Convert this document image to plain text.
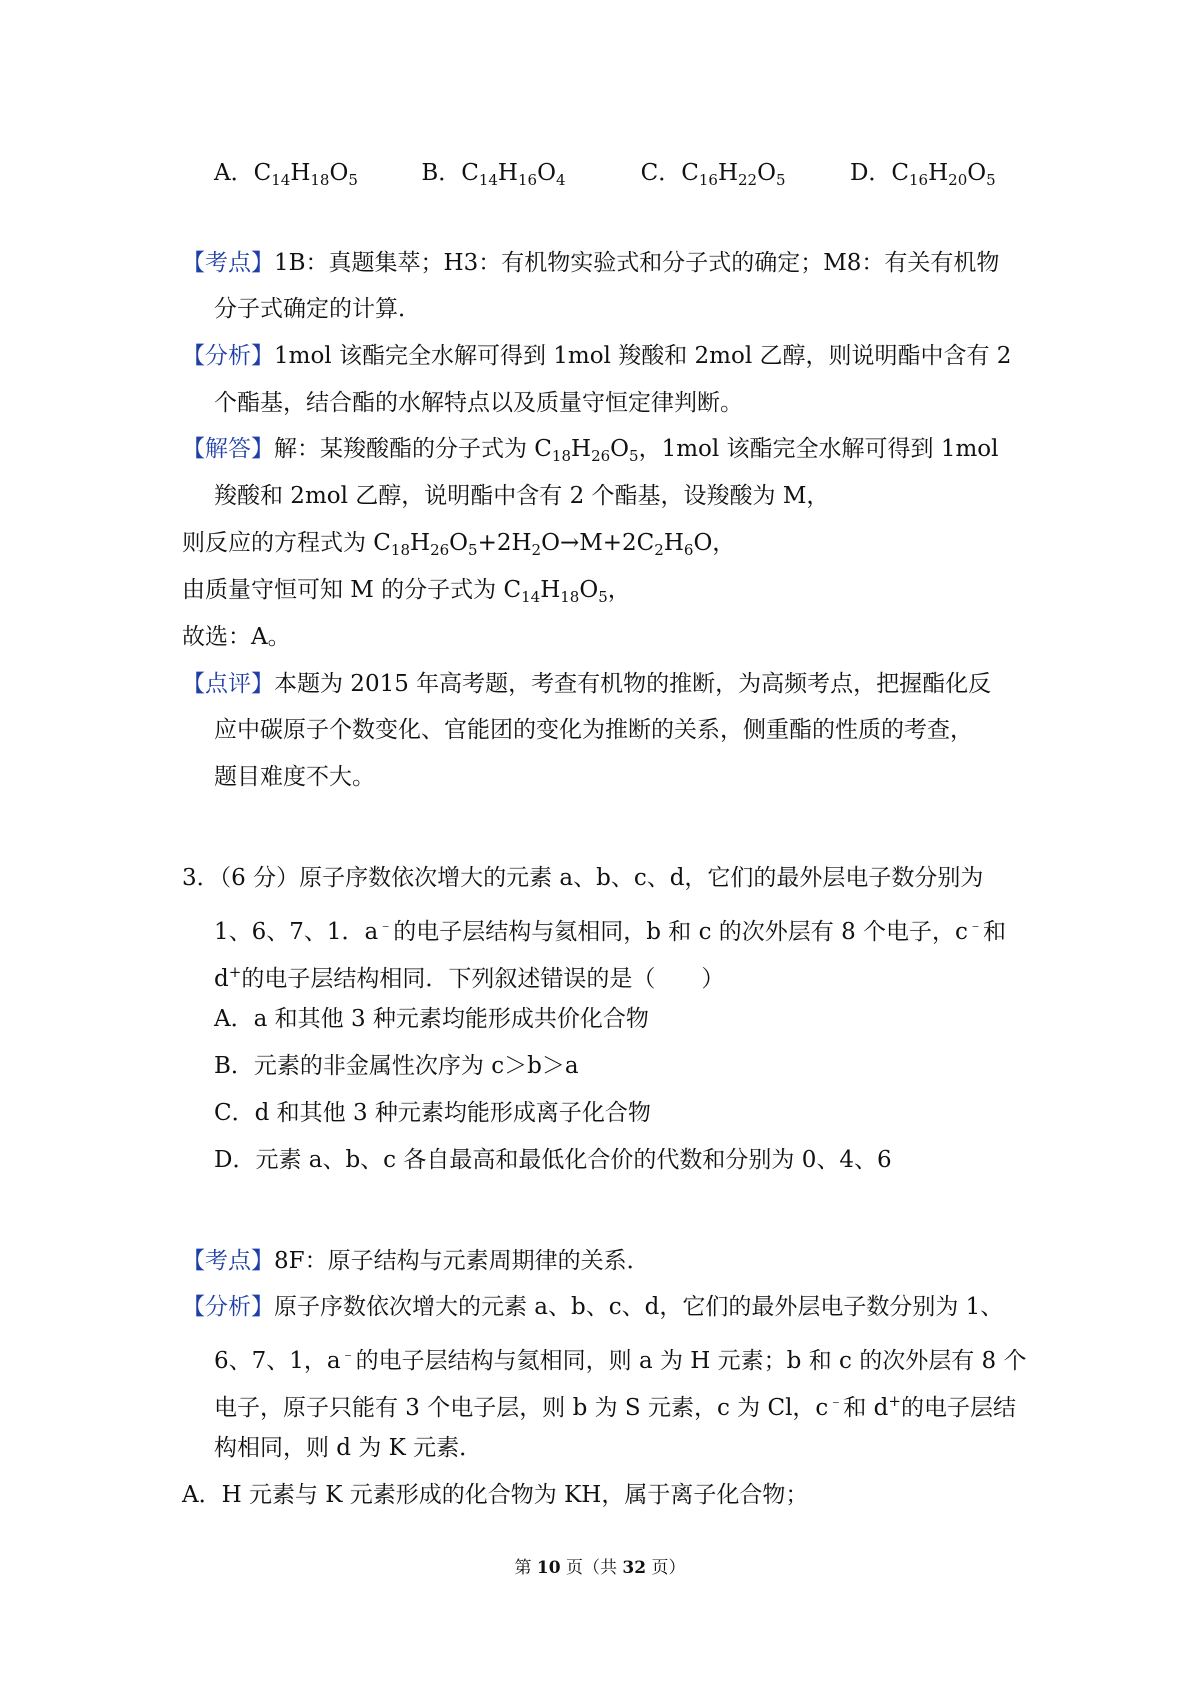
A．$C_{14}H_{18}O_5$	B．$C_{14}H_{16}O_4$	C．$C_{16}H_{22}O_5$	D．$C_{16}H_{20}O_5$
【考点】1B：真题集萃；H3：有机物实验式和分子式的确定；M8：有关有机物
分子式确定的计算．
【分析】1mol 该酯完全水解可得到 1mol 羧酸和 2mol 乙醇，则说明酯中含有 2
个酯基，结合酯的水解特点以及质量守恒定律判断。
【解答】解：某羧酸酯的分子式为 $C_{18}H_{26}O_5$，1mol 该酯完全水解可得到 1mol
羧酸和 2mol 乙醇，说明酯中含有 2 个酯基，设羧酸为 M，
则反应的方程式为 $C_{18}H_{26}O_5+2H_2O\to M+2C_2H_6O$，
由质量守恒可知 M 的分子式为 $C_{14}H_{18}O_5$，
故选：A。
【点评】本题为 2015 年高考题，考查有机物的推断，为高频考点，把握酯化反
应中碳原子个数变化、官能团的变化为推断的关系，侧重酯的性质的考查，
题目难度不大。
3．（6 分）原子序数依次增大的元素 a、b、c、d，它们的最外层电子数分别为
1、6、7、1．a﹣的电子层结构与氦相同，b 和 c 的次外层有 8 个电子，c﹣和
d+的电子层结构相同．下列叙述错误的是（　　）
A．a 和其他 3 种元素均能形成共价化合物
B．元素的非金属性次序为 c＞b＞a
C．d 和其他 3 种元素均能形成离子化合物
D．元素 a、b、c 各自最高和最低化合价的代数和分别为 0、4、6
【考点】8F：原子结构与元素周期律的关系．
【分析】原子序数依次增大的元素 a、b、c、d，它们的最外层电子数分别为 1、
6、7、1，a﹣的电子层结构与氦相同，则 a 为 H 元素；b 和 c 的次外层有 8 个
电子，原子只能有 3 个电子层，则 b 为 S 元素，c 为 Cl，c﹣和 d+的电子层结
构相同，则 d 为 K 元素．
A．H 元素与 K 元素形成的化合物为 KH，属于离子化合物；
第 10 页（共 32 页）
